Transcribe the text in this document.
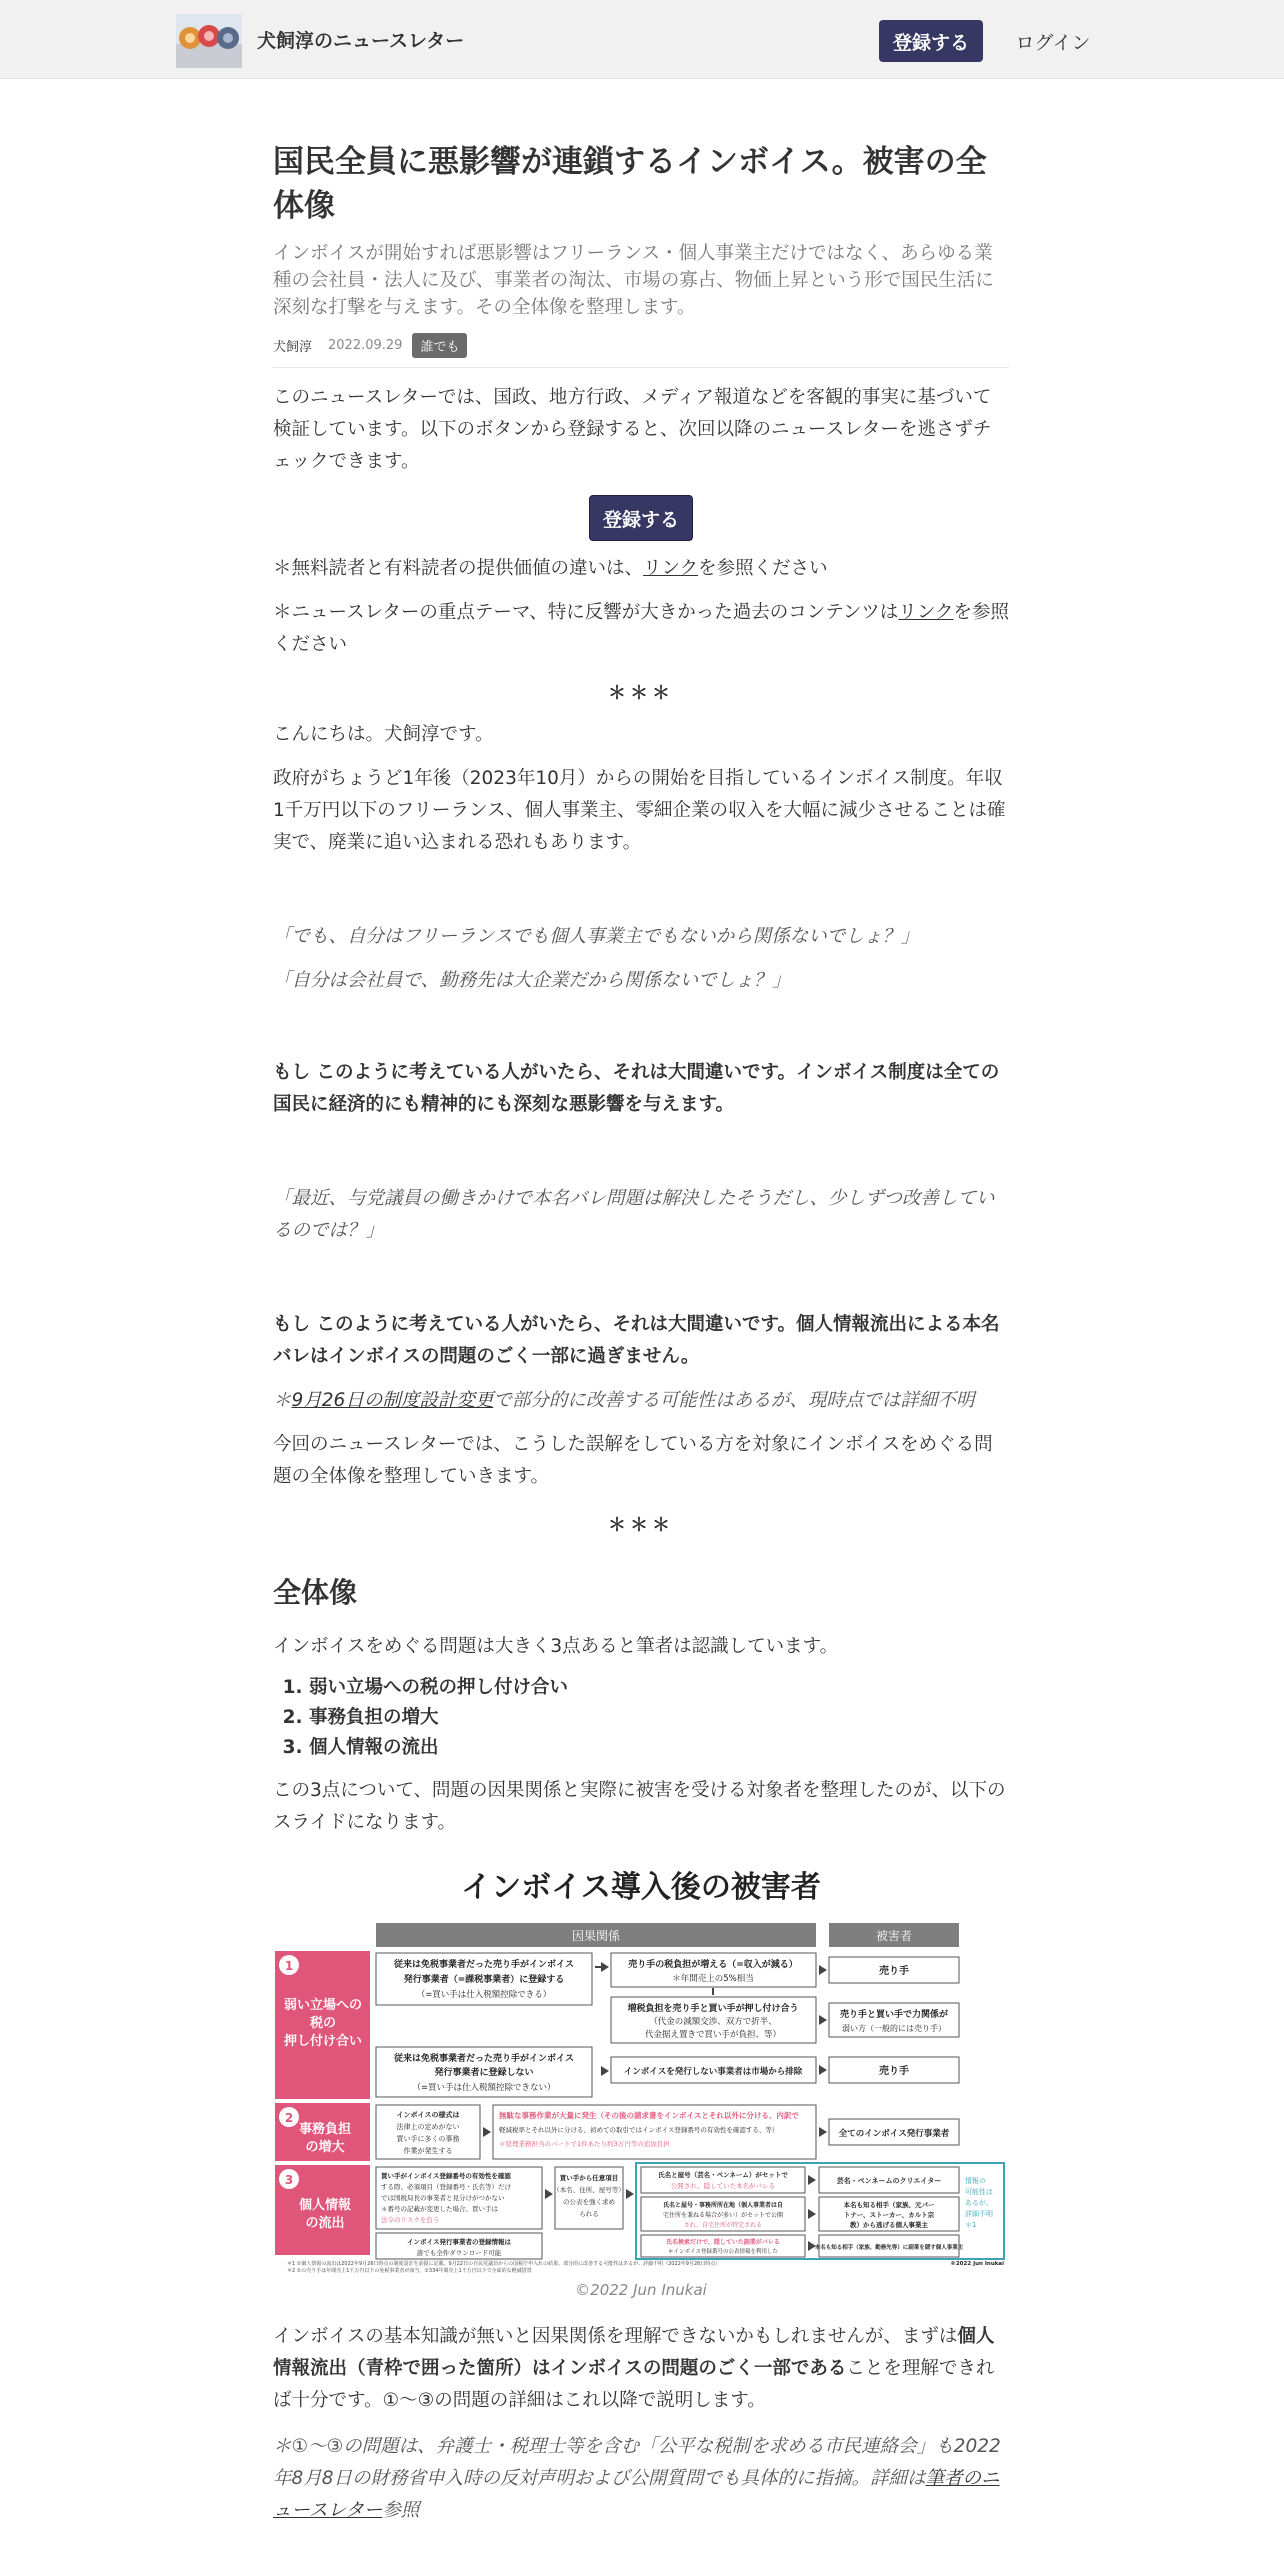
犬飼淳のニュースレター	登録する	ログイン
国民全員に悪影響が連鎖するインボイス。被害の全体像

インボイスが開始すれば悪影響はフリーランス・個人事業主だけではなく、あらゆる業種の会社員・法人に及び、事業者の淘汰、市場の寡占、物価上昇という形で国民生活に深刻な打撃を与えます。その全体像を整理します。

犬飼淳 2022.09.29	誰でも

このニュースレターでは、国政、地方行政、メディア報道などを客観的事実に基づいて検証しています。以下のボタンから登録すると、次回以降のニュースレターを逃さずチェックできます。

登録する

＊無料読者と有料読者の提供価値の違いは、リンクを参照ください

＊ニュースレターの重点テーマ、特に反響が大きかった過去のコンテンツはリンクを参照ください

＊＊＊

こんにちは。犬飼淳です。

政府がちょうど1年後（2023年10月）からの開始を目指しているインボイス制度。年収1千万円以下のフリーランス、個人事業主、零細企業の収入を大幅に減少させることは確実で、廃業に追い込まれる恐れもあります。

「でも、自分はフリーランスでも個人事業主でもないから関係ないでしょ？」

「自分は会社員で、勤務先は大企業だから関係ないでしょ？」

もし このように考えている人がいたら、それは大間違いです。インボイス制度は全ての国民に経済的にも精神的にも深刻な悪影響を与えます。

「最近、与党議員の働きかけで本名バレ問題は解決したそうだし、少しずつ改善しているのでは？」

もし このように考えている人がいたら、それは大間違いです。個人情報流出による本名バレはインボイスの問題のごく一部に過ぎません。

＊9月26日の制度設計変更で部分的に改善する可能性はあるが、現時点では詳細不明

今回のニュースレターでは、こうした誤解をしている方を対象にインボイスをめぐる問題の全体像を整理していきます。

＊＊＊
全体像

インボイスをめぐる問題は大きく3点あると筆者は認識しています。

1. 弱い立場への税の押し付け合い
2. 事務負担の増大
3. 個人情報の流出

この3点について、問題の因果関係と実際に被害を受ける対象者を整理したのが、以下のスライドになります。

インボイス導入後の被害者
因果関係	被害者
1
弱い立場への
税の
押し付け合い
2
事務負担
の増大
3
個人情報
の流出
従来は免税事業者だった売り手がインボイス
発行事業者（=課税事業者）に登録する
（=買い手は仕入税額控除できる）
売り手の税負担が増える（=収入が減る）
＊年間売上の5%相当
売り手
増税負担を売り手と買い手が押し付け合う
（代金の減額交渉、双方で折半、
代金据え置きで買い手が負担、等）
売り手と買い手で力関係が
弱い方（一般的には売り手）
従来は免税事業者だった売り手がインボイス
発行事業者に登録しない
（=買い手は仕入税額控除できない）
インボイスを発行しない事業者は市場から排除	売り手
インボイスの様式は
法律上の定めがない
買い手に多くの事務
作業が発生する
無駄な事務作業が大量に発生（その後の請求書をインボイスとそれ以外に分ける、内訳で
軽減税率とそれ以外に分ける、初めての取引ではインボイス登録番号の有効性を確認する、等）
＊経理業務担当のパートで1件あたり約3万円等の追加負担
全てのインボイス発行事業者
買い手がインボイス登録番号の有効性を確認
する際、必須項目（登録番号・氏名等）だけ
では国税局長の事業者と見分けがつかない
＊番号の記載が変更した場合、買い手は
法令のリスクを負う
買い手から任意項目
（本名、住所、屋号等）
の公表を強く求め
られる
氏名と屋号（芸名・ペンネーム）がセットで
公開され、隠していた本名がバレる
芸名・ペンネームのクリエイター
氏名と屋号・事務所所在地（個人事業者は自
宅住所を兼ねる場合が多い）がセットで公開
され、自宅住所が特定される
本名も知る相手（家族、元パー
トナー、ストーカー、カルト宗
教）から逃げる個人事業主
氏名検索だけで、隠していた副業がバレる
＊インボイス登録番号の公表情報を利用した
本名も知る相手（家族、勤務先等）に副業を隠す個人事業主
情報の
可能性は
あるが、
詳細不明
＊1
インボイス発行事業者の登録情報は
誰でも全件ダウンロード可能
＊1 ①個人情報の流出は2022年9月26日時点の制度設計を前提に記載。9月22日の自民党議員からの国税庁申入れの結果、部分的に改善する可能性はあるが、詳細不明（2022年9月26日時点）
＊2 ①の売り手は年間売上1千万円以下の免税事業者が該当。②334年間売上1千万円以下で全面的な軽減措置
©2022 Jun Inukai
©2022 Jun Inukai

インボイスの基本知識が無いと因果関係を理解できないかもしれませんが、まずは個人情報流出（青枠で囲った箇所）はインボイスの問題のごく一部であることを理解できれば十分です。①〜③の問題の詳細はこれ以降で説明します。

＊①～③の問題は、弁護士・税理士等を含む「公平な税制を求める市民連絡会」も2022年8月8日の財務省申入時の反対声明および公開質問でも具体的に指摘。詳細は筆者のニュースレター参照
